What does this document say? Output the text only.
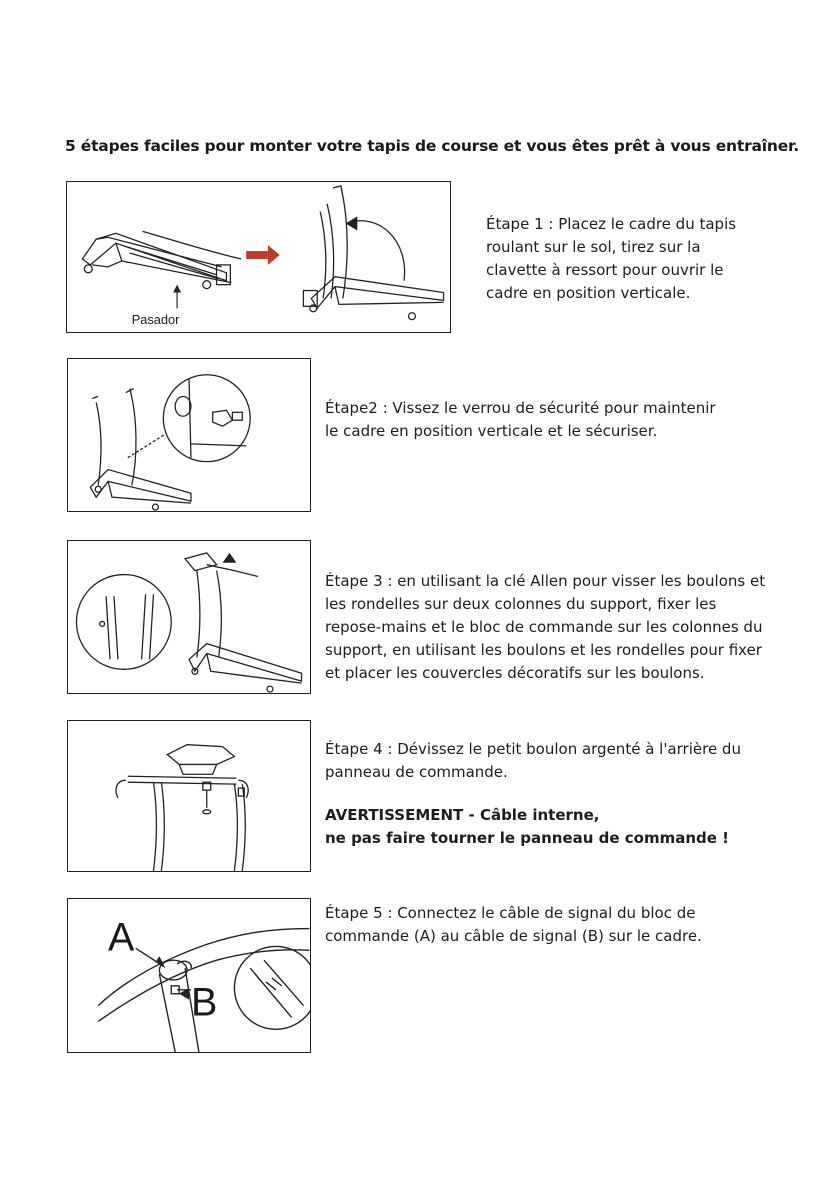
5 étapes faciles pour monter votre tapis de course et vous êtes prêt à vous entraîner.
Pasador
Étape 1 : Placez le cadre du tapis
roulant sur le sol, tirez sur la
clavette à ressort pour ouvrir le
cadre en position verticale.
Étape2 : Vissez le verrou de sécurité pour maintenir
le cadre en position verticale et le sécuriser.
Étape 3 : en utilisant la clé Allen pour visser les boulons et
les rondelles sur deux colonnes du support, fixer les
repose-mains et le bloc de commande sur les colonnes du
support, en utilisant les boulons et les rondelles pour fixer
et placer les couvercles décoratifs sur les boulons.
Étape 4 : Dévissez le petit boulon argenté à l'arrière du
panneau de commande.
AVERTISSEMENT - Câble interne,
ne pas faire tourner le panneau de commande !
A
B
Étape 5 : Connectez le câble de signal du bloc de
commande (A) au câble de signal (B) sur le cadre.
